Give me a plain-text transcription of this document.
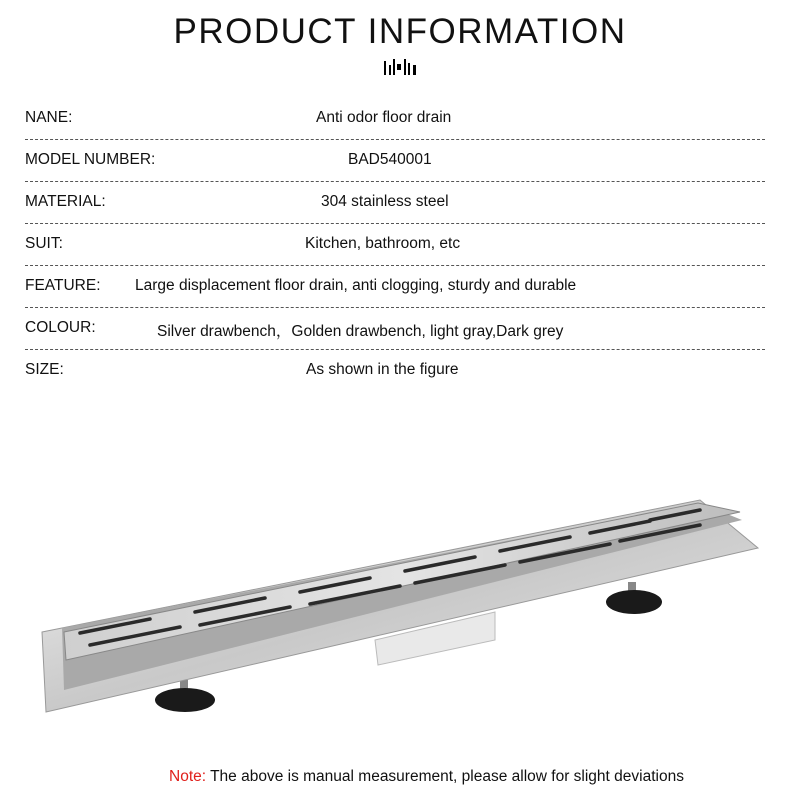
PRODUCT INFORMATION
NANE:	Anti odor floor drain
MODEL NUMBER:	BAD540001
MATERIAL:	304 stainless steel
SUIT:	Kitchen, bathroom, etc
FEATURE: Large displacement floor drain, anti clogging, sturdy and durable
COLOUR:	Silver drawbench，Golden drawbench, light gray,Dark grey
SIZE:	As shown in the figure
Note: The above is manual measurement, please allow for slight deviations
